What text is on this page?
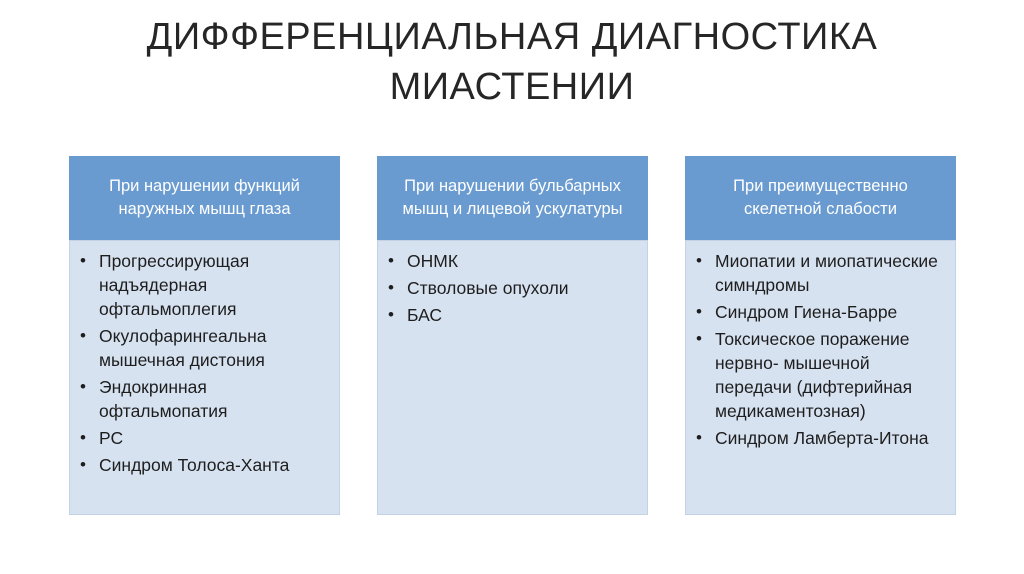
ДИФФЕРЕНЦИАЛЬНАЯ ДИАГНОСТИКА
МИАСТЕНИИ
При нарушении функций наружных мышц глаза
• Прогрессирующая надъядерная офтальмоплегия
• Окулофарингеальна мышечная дистония
• Эндокринная офтальмопатия
• РС
• Синдром Толоса-Ханта
При нарушении бульбарных мышц и лицевой ускулатуры
• ОНМК
• Стволовые опухоли
• БАС
При преимущественно скелетной слабости
• Миопатии и миопатические симндромы
• Синдром Гиена-Барре
• Токсическое поражение нервно- мышечной передачи (дифтерийная медикаментозная)
• Синдром Ламберта-Итона
